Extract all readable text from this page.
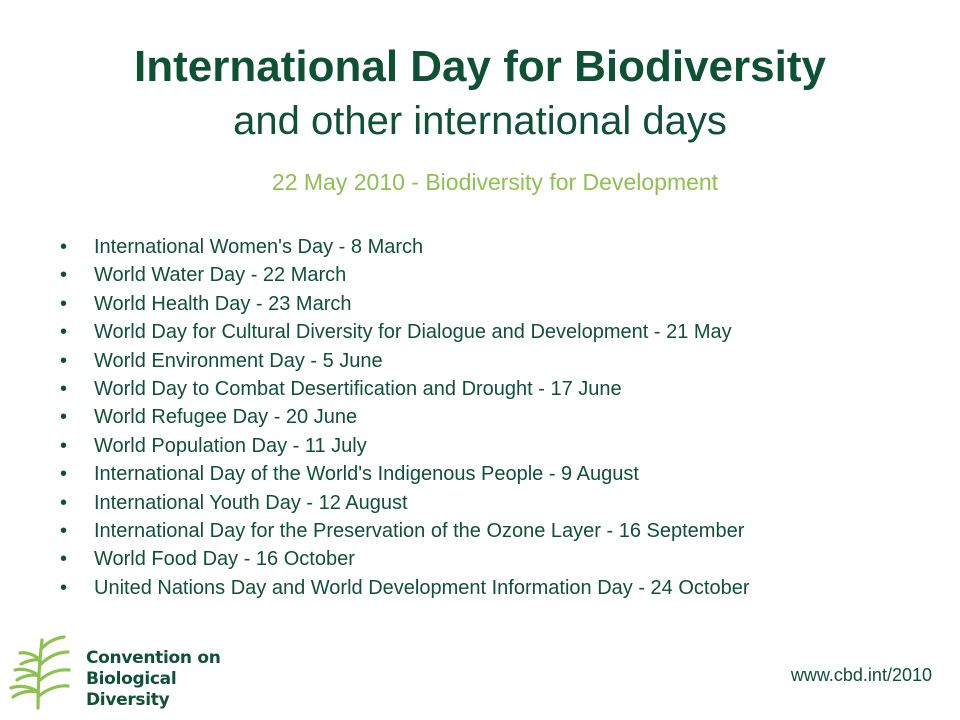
International Day for Biodiversity
and other international days
22 May 2010 - Biodiversity for Development
• International Women's Day - 8 March
• World Water Day - 22 March
• World Health Day - 23 March
• World Day for Cultural Diversity for Dialogue and Development - 21 May
• World Environment Day - 5 June
• World Day to Combat Desertification and Drought - 17 June
• World Refugee Day - 20 June
• World Population Day - 11 July
• International Day of the World's Indigenous People - 9 August
• International Youth Day - 12 August
• International Day for the Preservation of the Ozone Layer - 16 September
• World Food Day - 16 October
• United Nations Day and World Development Information Day - 24 October
Convention on
Biological Diversity
www.cbd.int/2010
